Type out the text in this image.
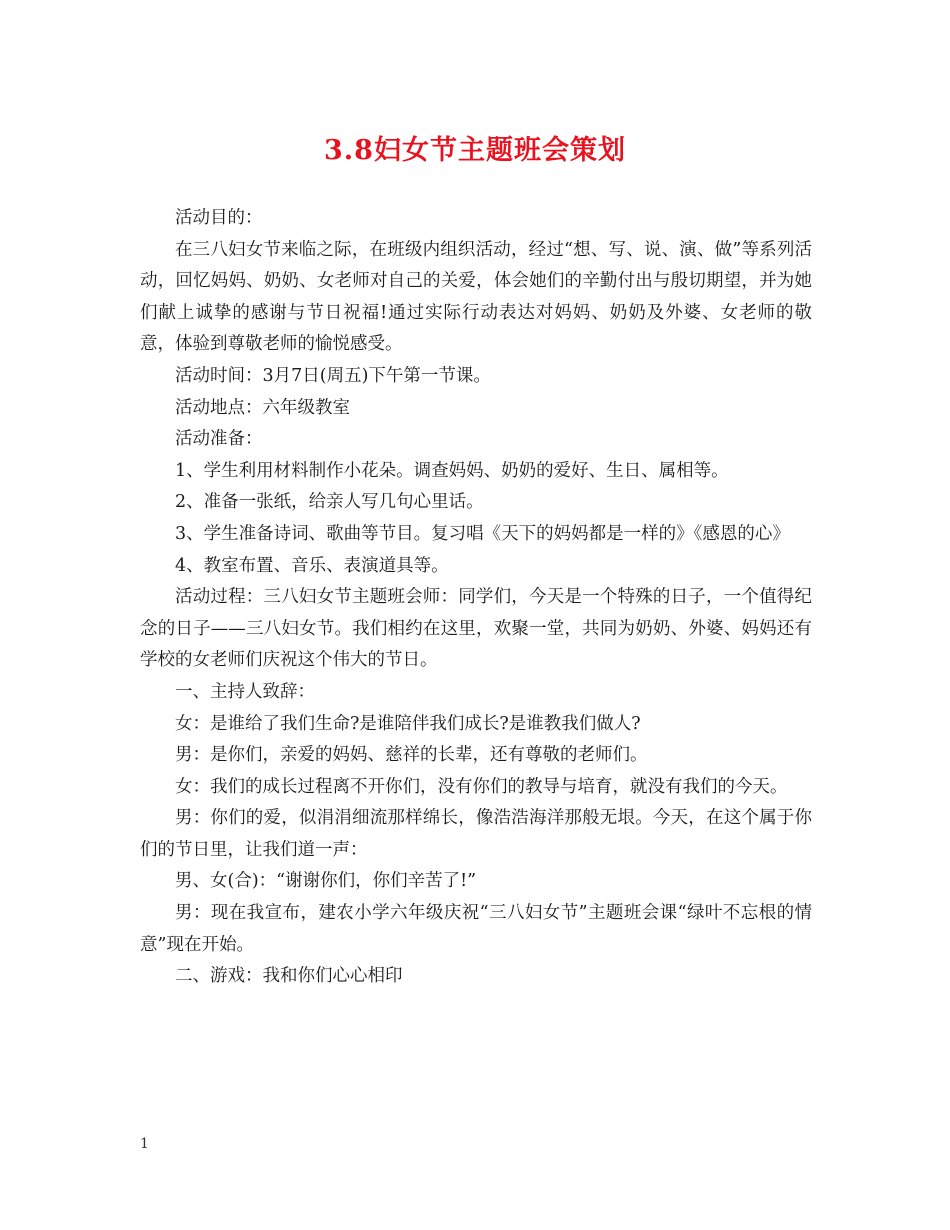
3.8妇女节主题班会策划

活动目的：

在三八妇女节来临之际，在班级内组织活动，经过“想、写、说、演、做”等系列活动，回忆妈妈、奶奶、女老师对自己的关爱，体会她们的辛勤付出与殷切期望，并为她们献上诚挚的感谢与节日祝福!通过实际行动表达对妈妈、奶奶及外婆、女老师的敬意，体验到尊敬老师的愉悦感受。

活动时间：3月7日(周五)下午第一节课。

活动地点：六年级教室

活动准备：

1、学生利用材料制作小花朵。调查妈妈、奶奶的爱好、生日、属相等。

2、准备一张纸，给亲人写几句心里话。

3、学生准备诗词、歌曲等节目。复习唱《天下的妈妈都是一样的》《感恩的心》

4、教室布置、音乐、表演道具等。

活动过程：三八妇女节主题班会师：同学们，今天是一个特殊的日子，一个值得纪念的日子——三八妇女节。我们相约在这里，欢聚一堂，共同为奶奶、外婆、妈妈还有学校的女老师们庆祝这个伟大的节日。

一、主持人致辞：

女：是谁给了我们生命?是谁陪伴我们成长?是谁教我们做人?

男：是你们，亲爱的妈妈、慈祥的长辈，还有尊敬的老师们。

女：我们的成长过程离不开你们，没有你们的教导与培育，就没有我们的今天。

男：你们的爱，似涓涓细流那样绵长，像浩浩海洋那般无垠。今天，在这个属于你们的节日里，让我们道一声：

男、女(合)：“谢谢你们，你们辛苦了!”

男：现在我宣布，建农小学六年级庆祝“三八妇女节”主题班会课“绿叶不忘根的情意”现在开始。

二、游戏：我和你们心心相印

1
